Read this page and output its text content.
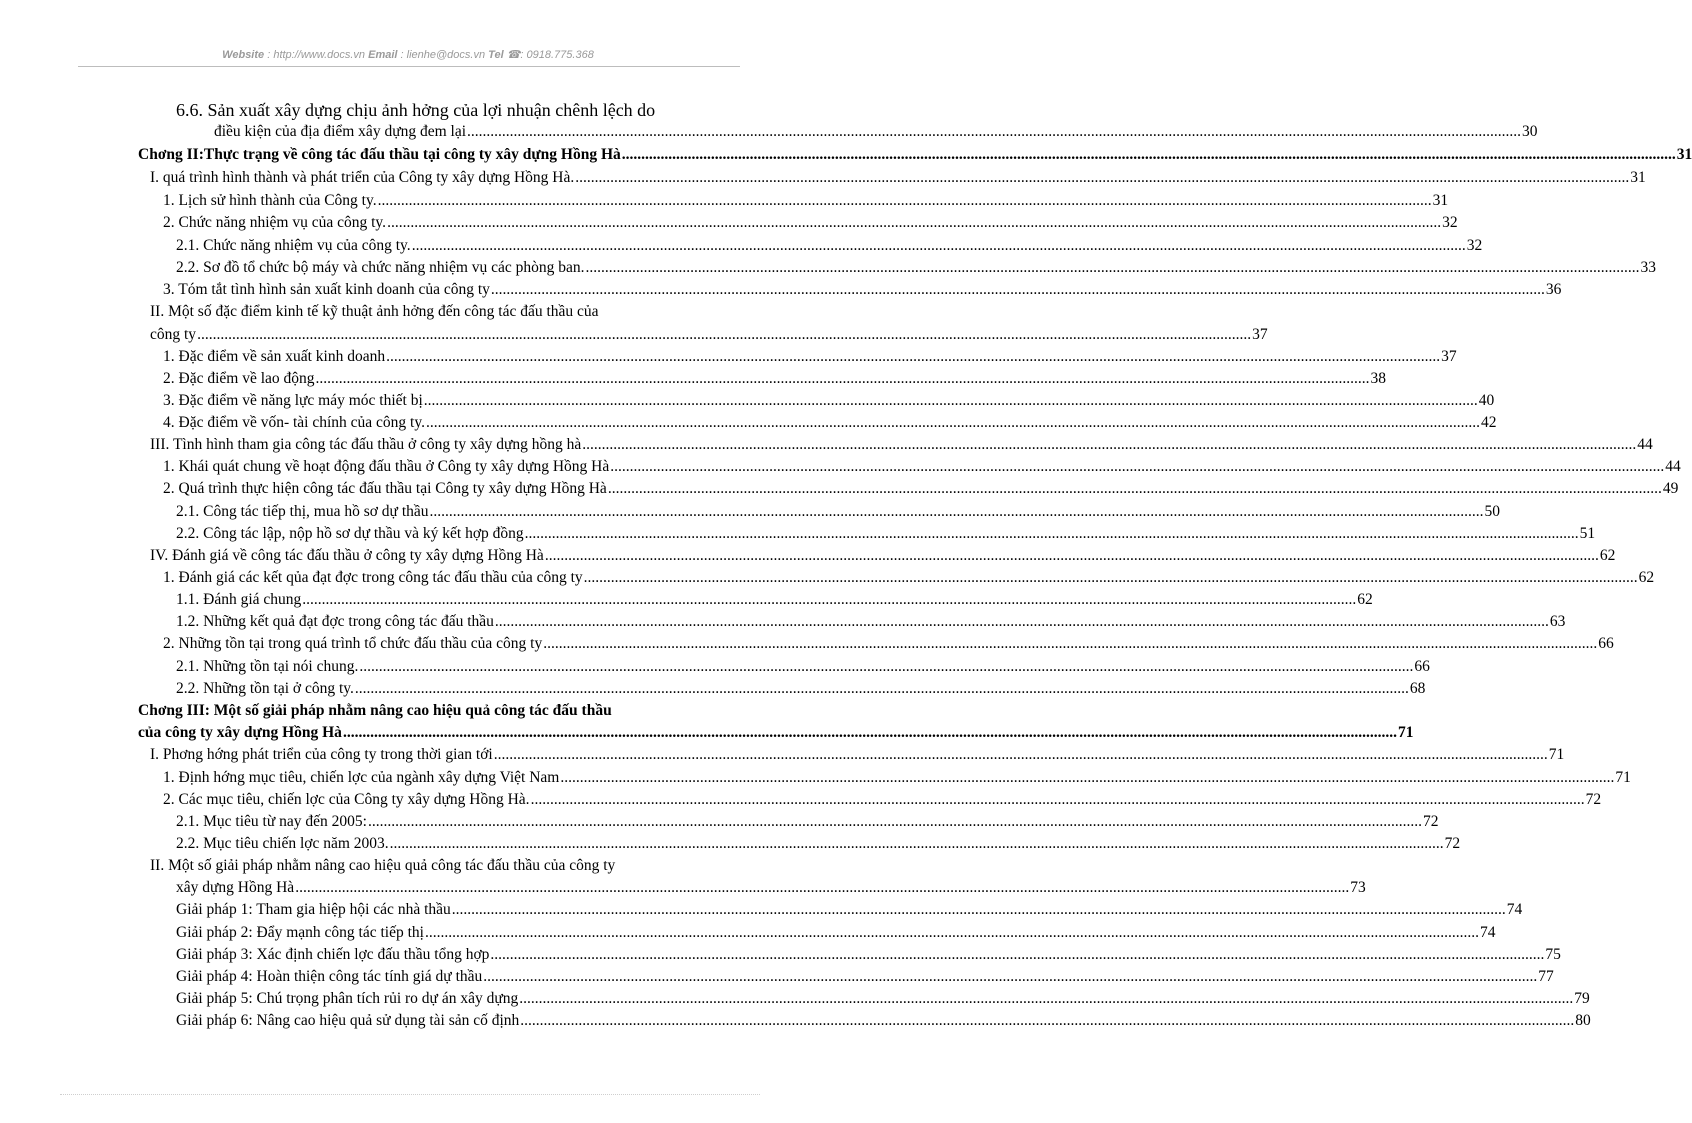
Website : http://www.docs.vn Email : lienhe@docs.vn Tel ☎: 0918.775.368
6.6. Sản xuất xây dựng chịu ảnh hởng của lợi nhuận chênh lệch do
điều kiện của địa điểm xây dựng đem lại .....	30
Chơng II:Thực trạng về công tác đấu thầu tại công ty xây dựng Hồng Hà .....	31
I. quá trình hình thành và phát triển của Công ty xây dựng Hồng Hà. .....	31
1. Lịch sử hình thành của Công ty. .....	31
2. Chức năng nhiệm vụ của công ty. .....	32
2.1. Chức năng nhiệm vụ của công ty. .....	32
2.2. Sơ đồ tổ chức bộ máy và chức năng nhiệm vụ các phòng ban. .....	33
3. Tóm tắt tình hình sản xuất kinh doanh của công ty .....	36
II. Một số đặc điểm kinh tế kỹ thuật ảnh hởng đến công tác đấu thầu của
công ty .....	37
1. Đặc điểm về sản xuất kinh doanh .....	37
2. Đặc điểm về lao động .....	38
3. Đặc điểm về năng lực máy móc thiết bị .....	40
4. Đặc điểm về vốn- tài chính của công ty. .....	42
III. Tình hình tham gia công tác đấu thầu ở công ty xây dựng hồng hà .....	44
1. Khái quát chung về hoạt động đấu thầu ở Công ty xây dựng Hồng Hà .....	44
2. Quá trình thực hiện công tác đấu thầu tại Công ty xây dựng Hồng Hà .....	49
2.1. Công tác tiếp thị, mua hồ sơ dự thầu .....	50
2.2. Công tác lập, nộp hồ sơ dự thầu và ký kết hợp đồng .....	51
IV. Đánh giá về công tác đấu thầu ở công ty xây dựng Hồng Hà .....	62
1. Đánh giá các kết qủa đạt đợc trong công tác đấu thầu của công ty .....	62
1.1. Đánh giá chung .....	62
1.2. Những kết quả đạt đợc trong công tác đấu thầu .....	63
2. Những tồn tại trong quá trình tổ chức đấu thầu của công ty .....	66
2.1. Những tồn tại nói chung. .....	66
2.2. Những tồn tại ở công ty. .....	68
Chơng III: Một số giải pháp nhằm nâng cao hiệu quả công tác đấu thầu
của công ty xây dựng Hồng Hà .....	71
I. Phơng hớng phát triển của công ty trong thời gian tới .....	71
1. Định hớng mục tiêu, chiến lợc của ngành xây dựng Việt Nam .....	71
2. Các mục tiêu, chiến lợc của Công ty xây dựng Hồng Hà. .....	72
2.1. Mục tiêu từ nay đến 2005: .....	72
2.2. Mục tiêu chiến lợc năm 2003. .....	72
II. Một số giải pháp nhằm nâng cao hiệu quả công tác đấu thầu của công ty
xây dựng Hồng Hà .....	73
Giải pháp 1: Tham gia hiệp hội các nhà thầu .....	74
Giải pháp 2: Đẩy mạnh công tác tiếp thị .....	74
Giải pháp 3: Xác định chiến lợc đấu thầu tổng hợp .....	75
Giải pháp 4: Hoàn thiện công tác tính giá dự thầu .....	77
Giải pháp 5: Chú trọng phân tích rủi ro dự án xây dựng .....	79
Giải pháp 6: Nâng cao hiệu quả sử dụng tài sản cố định .....	80
